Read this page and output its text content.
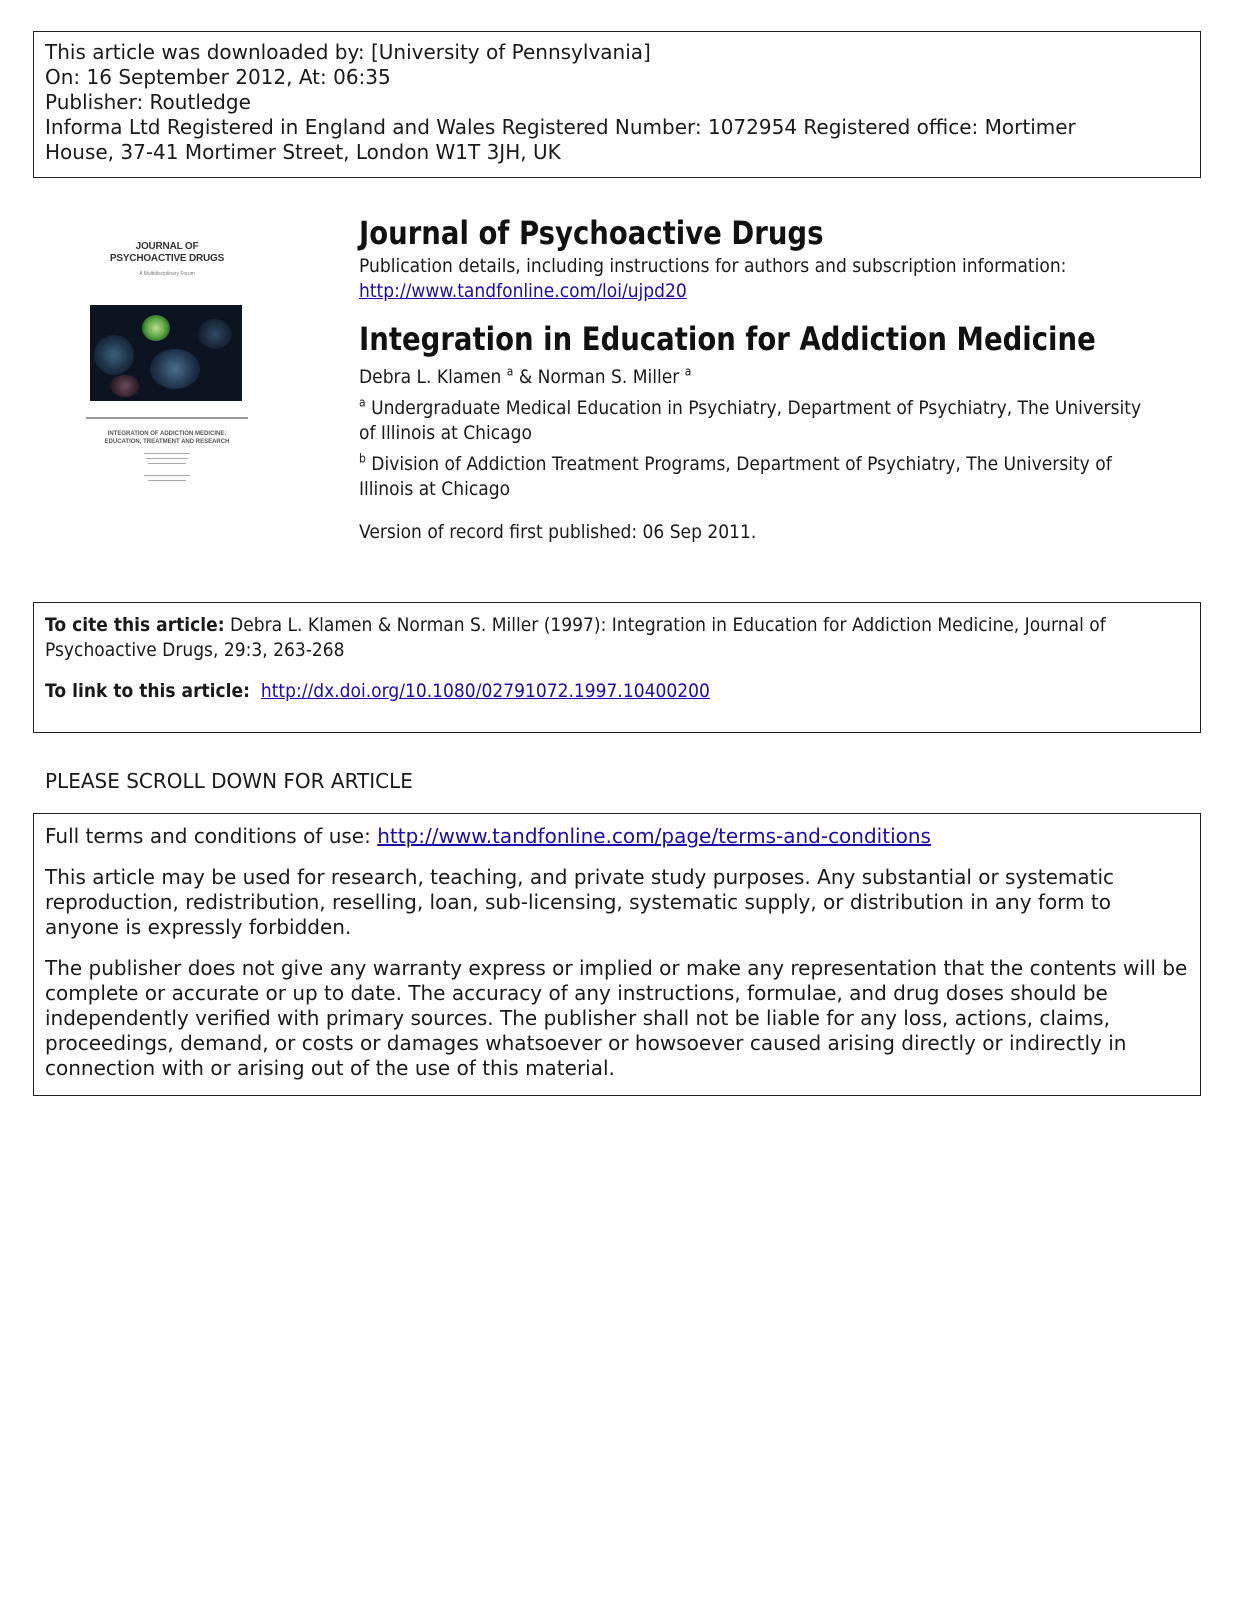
This article was downloaded by: [University of Pennsylvania]
On: 16 September 2012, At: 06:35
Publisher: Routledge
Informa Ltd Registered in England and Wales Registered Number: 1072954 Registered office: Mortimer
House, 37-41 Mortimer Street, London W1T 3JH, UK
JOURNAL OF
PSYCHOACTIVE DRUGS
A Multidisciplinary Forum
INTEGRATION OF ADDICTION MEDICINE:
EDUCATION, TREATMENT AND RESEARCH
Journal of Psychoactive Drugs
Publication details, including instructions for authors and subscription information:
http://www.tandfonline.com/loi/ujpd20
Integration in Education for Addiction Medicine
Debra L. Klamen $^a$ & Norman S. Miller $^a$
$^a$ Undergraduate Medical Education in Psychiatry, Department of Psychiatry, The University of Illinois at Chicago
$^b$ Division of Addiction Treatment Programs, Department of Psychiatry, The University of Illinois at Chicago
Version of record first published: 06 Sep 2011.
To cite this article: Debra L. Klamen & Norman S. Miller (1997): Integration in Education for Addiction Medicine, Journal of Psychoactive Drugs, 29:3, 263-268
To link to this article: http://dx.doi.org/10.1080/02791072.1997.10400200
PLEASE SCROLL DOWN FOR ARTICLE

Full terms and conditions of use: http://www.tandfonline.com/page/terms-and-conditions

This article may be used for research, teaching, and private study purposes. Any substantial or systematic reproduction, redistribution, reselling, loan, sub-licensing, systematic supply, or distribution in any form to anyone is expressly forbidden.

The publisher does not give any warranty express or implied or make any representation that the contents will be complete or accurate or up to date. The accuracy of any instructions, formulae, and drug doses should be independently verified with primary sources. The publisher shall not be liable for any loss, actions, claims, proceedings, demand, or costs or damages whatsoever or howsoever caused arising directly or indirectly in connection with or arising out of the use of this material.
